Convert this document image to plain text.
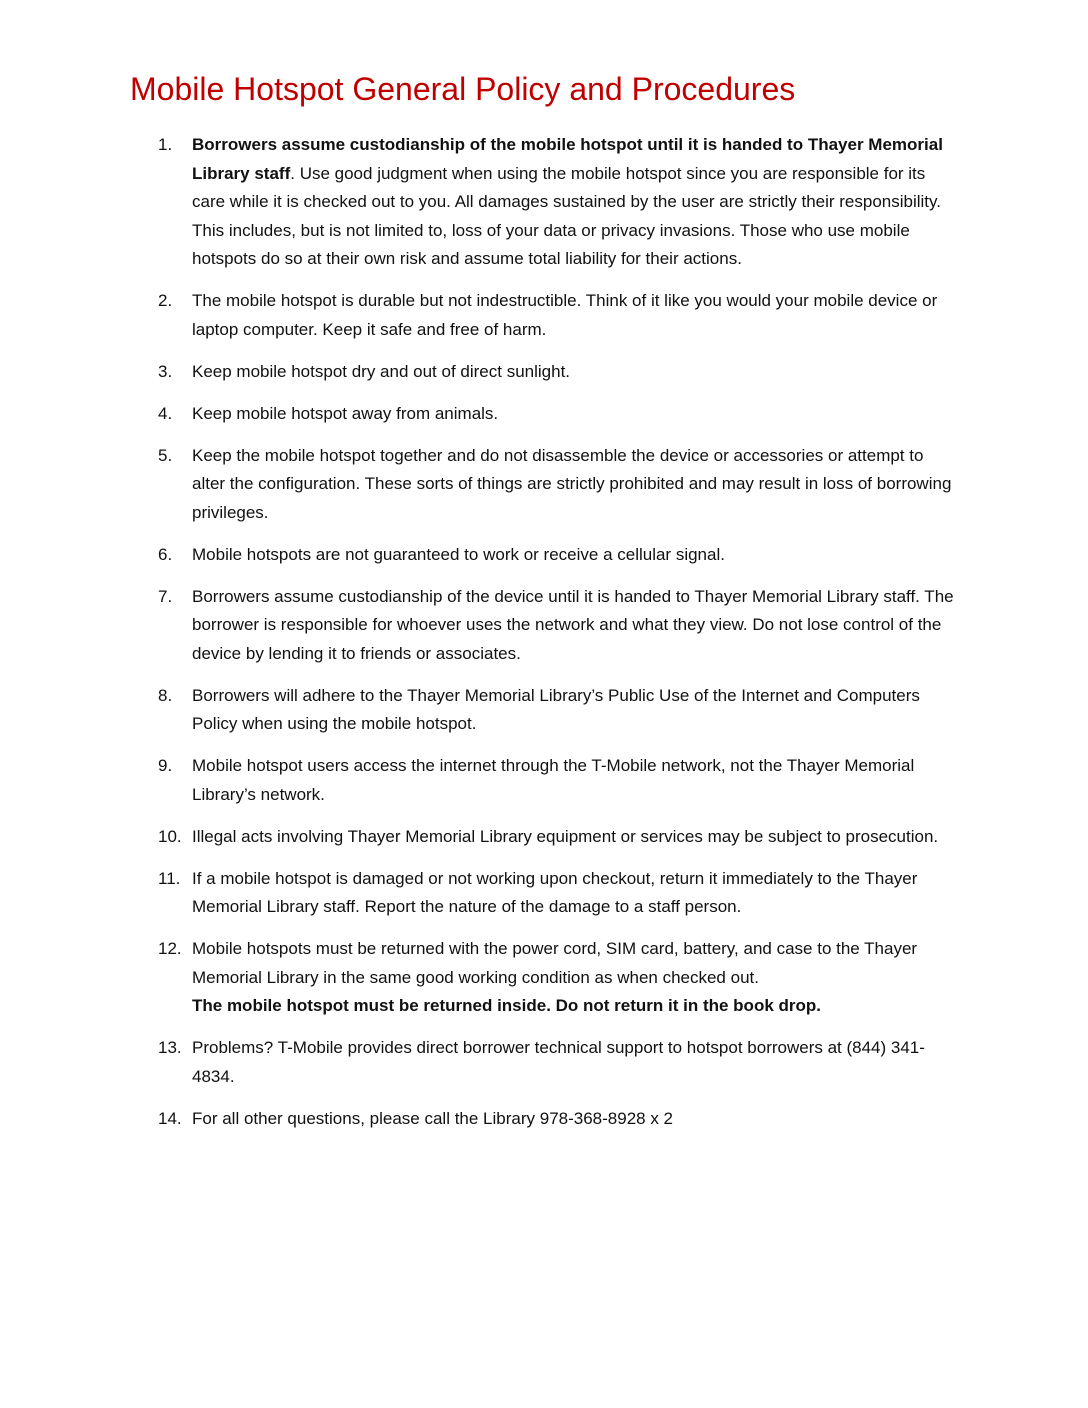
Mobile Hotspot General Policy and Procedures
1. Borrowers assume custodianship of the mobile hotspot until it is handed to Thayer Memorial Library staff. Use good judgment when using the mobile hotspot since you are responsible for its care while it is checked out to you. All damages sustained by the user are strictly their responsibility. This includes, but is not limited to, loss of your data or privacy invasions. Those who use mobile hotspots do so at their own risk and assume total liability for their actions.
2. The mobile hotspot is durable but not indestructible. Think of it like you would your mobile device or laptop computer. Keep it safe and free of harm.
3. Keep mobile hotspot dry and out of direct sunlight.
4. Keep mobile hotspot away from animals.
5. Keep the mobile hotspot together and do not disassemble the device or accessories or attempt to alter the configuration. These sorts of things are strictly prohibited and may result in loss of borrowing privileges.
6. Mobile hotspots are not guaranteed to work or receive a cellular signal.
7. Borrowers assume custodianship of the device until it is handed to Thayer Memorial Library staff. The borrower is responsible for whoever uses the network and what they view. Do not lose control of the device by lending it to friends or associates.
8. Borrowers will adhere to the Thayer Memorial Library’s Public Use of the Internet and Computers Policy when using the mobile hotspot.
9. Mobile hotspot users access the internet through the T-Mobile network, not the Thayer Memorial Library’s network.
10. Illegal acts involving Thayer Memorial Library equipment or services may be subject to prosecution.
11. If a mobile hotspot is damaged or not working upon checkout, return it immediately to the Thayer Memorial Library staff. Report the nature of the damage to a staff person.
12. Mobile hotspots must be returned with the power cord, SIM card, battery, and case to the Thayer Memorial Library in the same good working condition as when checked out.
The mobile hotspot must be returned inside. Do not return it in the book drop.
13. Problems? T-Mobile provides direct borrower technical support to hotspot borrowers at (844) 341-4834.
14. For all other questions, please call the Library 978-368-8928 x 2
